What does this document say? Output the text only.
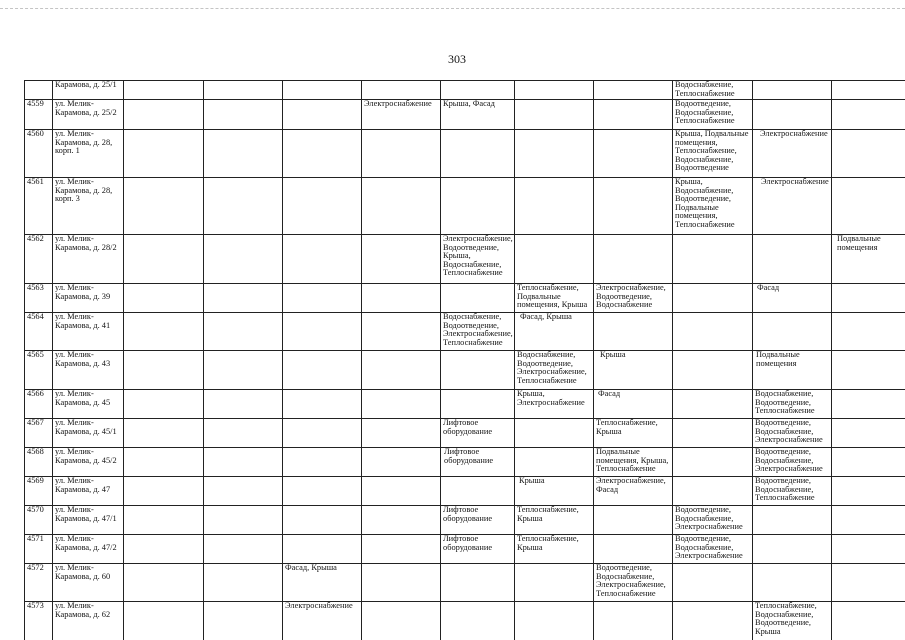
303
	Карамова, д. 25/1								Водоснабжение, Теплоснабжение		
4559	ул. Мелик-Карамова, д. 25/2				Электроснабжение	Крыша, Фасад			Водоотведение, Водоснабжение, Теплоснабжение		
4560	ул. Мелик-Карамова, д. 28, корп. 1								Крыша, Подвальные помещения, Теплоснабжение, Водоснабжение, Водоотведение	Электроснабжение	
4561	ул. Мелик-Карамова, д. 28, корп. 3								Крыша, Водоснабжение, Водоотведение, Подвальные помещения, Теплоснабжение	Электроснабжение	
4562	ул. Мелик-Карамова, д. 28/2					Электроснабжение, Водоотведение, Крыша, Водоснабжение, Теплоснабжение					Подвальные помещения
4563	ул. Мелик-Карамова, д. 39						Теплоснабжение, Подвальные помещения, Крыша	Электроснабжение, Водоотведение, Водоснабжение		Фасад	
4564	ул. Мелик-Карамова, д. 41					Водоснабжение, Водоотведение, Электроснабжение, Теплоснабжение	Фасад, Крыша				
4565	ул. Мелик-Карамова, д. 43						Водоснабжение, Водоотведение, Электроснабжение, Теплоснабжение	Крыша		Подвальные помещения	
4566	ул. Мелик-Карамова, д. 45						Крыша, Электроснабжение	Фасад		Водоснабжение, Водоотведение, Теплоснабжение	
4567	ул. Мелик-Карамова, д. 45/1					Лифтовое оборудование		Теплоснабжение, Крыша		Водоотведение, Водоснабжение, Электроснабжение	
4568	ул. Мелик-Карамова, д. 45/2					Лифтовое оборудование		Подвальные помещения, Крыша, Теплоснабжение		Водоотведение, Водоснабжение, Электроснабжение	
4569	ул. Мелик-Карамова, д. 47						Крыша	Электроснабжение, Фасад		Водоотведение, Водоснабжение, Теплоснабжение	
4570	ул. Мелик-Карамова, д. 47/1					Лифтовое оборудование	Теплоснабжение, Крыша		Водоотведение, Водоснабжение, Электроснабжение		
4571	ул. Мелик-Карамова, д. 47/2					Лифтовое оборудование	Теплоснабжение, Крыша		Водоотведение, Водоснабжение, Электроснабжение		
4572	ул. Мелик-Карамова, д. 60			Фасад, Крыша				Водоотведение, Водоснабжение, Электроснабжение, Теплоснабжение			
4573	ул. Мелик-Карамова, д. 62			Электроснабжение						Теплоснабжение, Водоснабжение, Водоотведение, Крыша	
